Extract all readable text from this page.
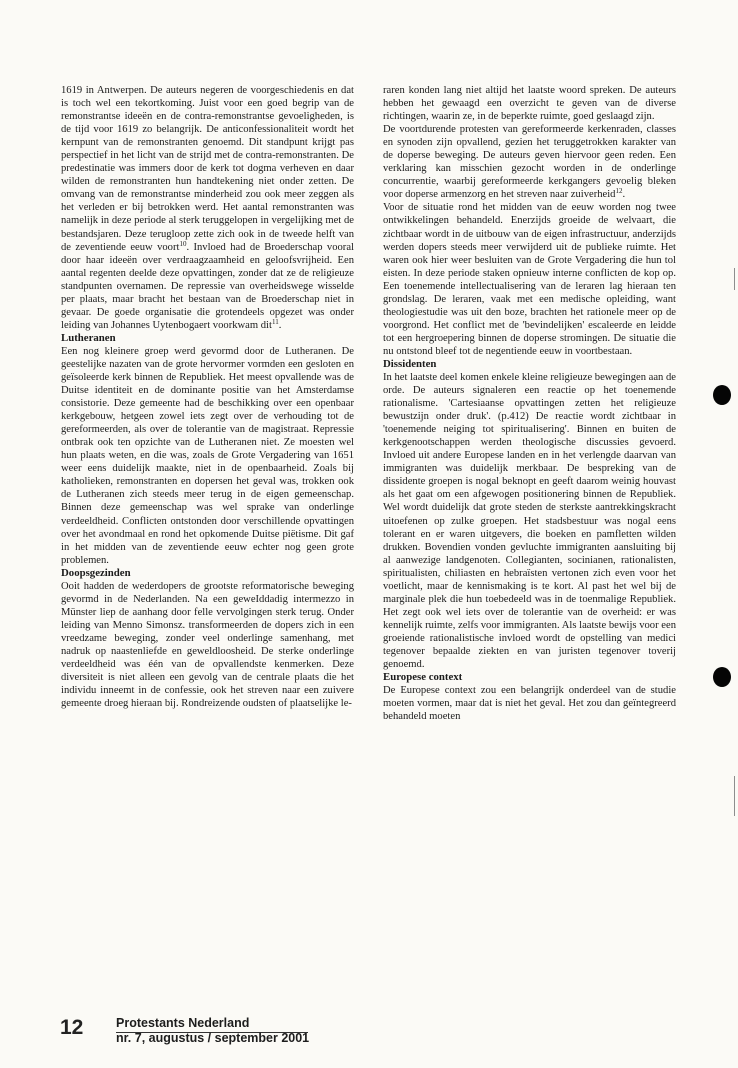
1619 in Antwerpen. De auteurs negeren de voorgeschiedenis en dat is toch wel een tekortkoming. Juist voor een goed begrip van de remonstrantse ideeën en de contra-remonstrantse gevoeligheden, is de tijd voor 1619 zo belangrijk. De anticonfessionaliteit wordt het kernpunt van de remonstranten genoemd. Dit standpunt krijgt pas perspectief in het licht van de strijd met de contra-remonstranten. De predestinatie was immers door de kerk tot dogma verheven en daar wilden de remonstranten hun handtekening niet onder zetten. De omvang van de remonstrantse minderheid zou ook meer zeggen als het verleden er bij betrokken werd. Het aantal remonstranten was namelijk in deze periode al sterk teruggelopen in vergelijking met de bestandsjaren. Deze terugloop zette zich ook in de tweede helft van de zeventiende eeuw voort$^{10}$. Invloed had de Broederschap vooral door haar ideeën over verdraagzaamheid en geloofsvrijheid. Een aantal regenten deelde deze opvattingen, zonder dat ze de religieuze standpunten overnamen. De repressie van overheidswege wisselde per plaats, maar bracht het bestaan van de Broederschap niet in gevaar. De goede organisatie die grotendeels opgezet was onder leiding van Johannes Uytenbogaert voorkwam dit$^{11}$.

Lutheranen

Een nog kleinere groep werd gevormd door de Lutheranen. De geestelijke nazaten van de grote hervormer vormden een gesloten en geïsoleerde kerk binnen de Republiek. Het meest opvallende was de Duitse identiteit en de dominante positie van het Amsterdamse consistorie. Deze gemeente had de beschikking over een openbaar kerkgebouw, hetgeen zowel iets zegt over de verhouding tot de gereformeerden, als over de tolerantie van de magistraat. Repressie ontbrak ook ten opzichte van de Lutheranen niet. Ze moesten wel hun plaats weten, en die was, zoals de Grote Vergadering van 1651 weer eens duidelijk maakte, niet in de openbaarheid. Zoals bij katholieken, remonstranten en dopersen het geval was, trokken ook de Lutheranen zich steeds meer terug in de eigen gemeenschap. Binnen deze gemeenschap was wel sprake van onderlinge verdeeldheid. Conflicten ontstonden door verschillende opvattingen over het avondmaal en rond het opkomende Duitse piëtisme. Dit gaf in het midden van de zeventiende eeuw echter nog geen grote problemen.

Doopsgezinden

Ooit hadden de wederdopers de grootste reformatorische beweging gevormd in de Nederlanden. Na een geweIddadig intermezzo in Münster liep de aanhang door felle vervolgingen sterk terug. Onder leiding van Menno Simonsz. transformeerden de dopers zich in een vreedzame beweging, zonder veel onderlinge samenhang, met nadruk op naastenliefde en geweldloosheid. De sterke onderlinge verdeeldheid was één van de opvallendste kenmerken. Deze diversiteit is niet alleen een gevolg van de centrale plaats die het individu inneemt in de confessie, ook het streven naar een zuivere gemeente droeg hieraan bij. Rondreizende oudsten of plaatselijke le-

raren konden lang niet altijd het laatste woord spreken. De auteurs hebben het gewaagd een overzicht te geven van de diverse richtingen, waarin ze, in de beperkte ruimte, goed geslaagd zijn.

De voortdurende protesten van gereformeerde kerkenraden, classes en synoden zijn opvallend, gezien het teruggetrokken karakter van de doperse beweging. De auteurs geven hiervoor geen reden. Een verklaring kan misschien gezocht worden in de onderlinge concurrentie, waarbij gereformeerde kerkgangers gevoelig bleken voor doperse armenzorg en het streven naar zuiverheid$^{12}$.

Voor de situatie rond het midden van de eeuw worden nog twee ontwikkelingen behandeld. Enerzijds groeide de welvaart, die zichtbaar wordt in de uitbouw van de eigen infrastructuur, anderzijds werden dopers steeds meer verwijderd uit de publieke ruimte. Het waren ook hier weer besluiten van de Grote Vergadering die hun tol eisten. In deze periode staken opnieuw interne conflicten de kop op. Een toenemende intellectualisering van de leraren lag hieraan ten grondslag. De leraren, vaak met een medische opleiding, want theologiestudie was uit den boze, brachten het rationele meer op de voorgrond. Het conflict met de 'bevindelijken' escaleerde en leidde tot een hergroepering binnen de doperse stromingen. De situatie die nu ontstond bleef tot de negentiende eeuw in voortbestaan.

Dissidenten

In het laatste deel komen enkele kleine religieuze bewegingen aan de orde. De auteurs signaleren een reactie op het toenemende rationalisme. 'Cartesiaanse opvattingen zetten het religieuze bewustzijn onder druk'. (p.412) De reactie wordt zichtbaar in 'toenemende neiging tot spiritualisering'. Binnen en buiten de kerkgenootschappen werden theologische discussies gevoerd. Invloed uit andere Europese landen en in het verlengde daarvan van immigranten was duidelijk merkbaar. De bespreking van de dissidente groepen is nogal beknopt en geeft daarom weinig houvast als het gaat om een afgewogen positionering binnen de Republiek. Wel wordt duidelijk dat grote steden de sterkste aantrekkingskracht uitoefenen op zulke groepen. Het stadsbestuur was nogal eens tolerant en er waren uitgevers, die boeken en pamfletten wilden drukken. Bovendien vonden gevluchte immigranten aansluiting bij al aanwezige landgenoten. Collegianten, socinianen, rationalisten, spiritualisten, chiliasten en hebraïsten vertonen zich even voor het voetlicht, maar de kennismaking is te kort. Al past het wel bij de marginale plek die hun toebedeeld was in de toenmalige Republiek. Het zegt ook wel iets over de tolerantie van de overheid: er was kennelijk ruimte, zelfs voor immigranten. Als laatste bewijs voor een groeiende rationalistische invloed wordt de opstelling van medici tegenover bepaalde ziekten en van juristen tegenover toverij genoemd.

Europese context

De Europese context zou een belangrijk onderdeel van de studie moeten vormen, maar dat is niet het geval. Het zou dan geïntegreerd behandeld moeten

12	Protestants Nederland
nr. 7, augustus / september 2001
